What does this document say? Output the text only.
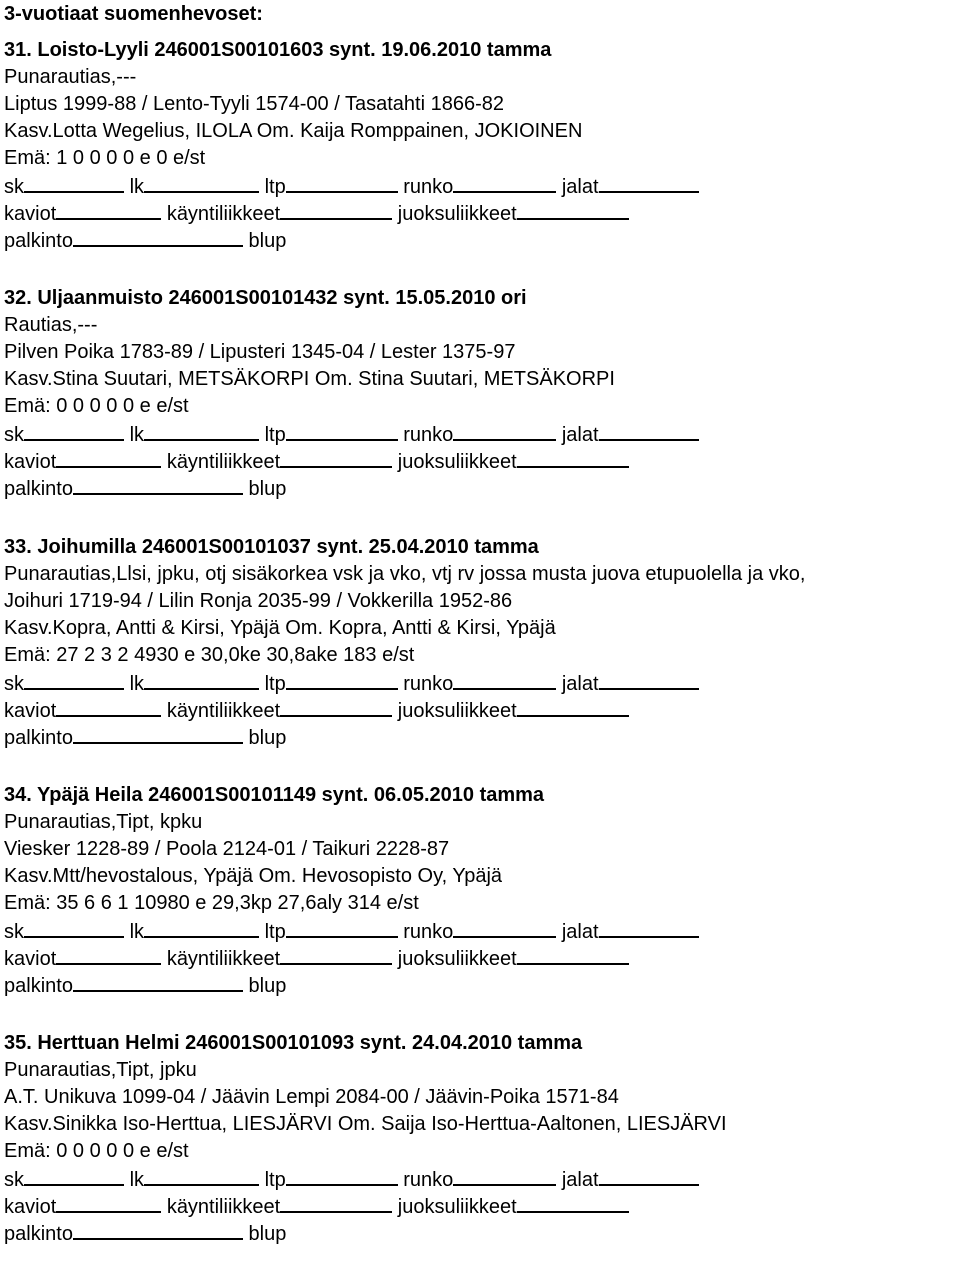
3-vuotiaat suomenhevoset:
31. Loisto-Lyyli 246001S00101603 synt. 19.06.2010 tamma
Punarautias,---
Liptus 1999-88 / Lento-Tyyli 1574-00 / Tasatahti 1866-82
Kasv.Lotta Wegelius, ILOLA Om. Kaija Romppainen, JOKIOINEN
Emä: 1 0 0 0 0 e 0 e/st
sk	lk	ltp	runko	jalat
kaviot	käyntiliikkeet	juoksuliikkeet
palkinto	blup
32. Uljaanmuisto 246001S00101432 synt. 15.05.2010 ori
Rautias,---
Pilven Poika 1783-89 / Lipusteri 1345-04 / Lester 1375-97
Kasv.Stina Suutari, METSÄKORPI Om. Stina Suutari, METSÄKORPI
Emä: 0 0 0 0 0 e e/st
sk	lk	ltp	runko	jalat
kaviot	käyntiliikkeet	juoksuliikkeet
palkinto	blup
33. Joihumilla 246001S00101037 synt. 25.04.2010 tamma
Punarautias,Llsi, jpku, otj sisäkorkea vsk ja vko, vtj rv jossa musta juova etupuolella ja vko,
Joihuri 1719-94 / Lilin Ronja 2035-99 / Vokkerilla 1952-86
Kasv.Kopra, Antti & Kirsi, Ypäjä Om. Kopra, Antti & Kirsi, Ypäjä
Emä: 27 2 3 2 4930 e 30,0ke 30,8ake 183 e/st
sk	lk	ltp	runko	jalat
kaviot	käyntiliikkeet	juoksuliikkeet
palkinto	blup
34. Ypäjä Heila 246001S00101149 synt. 06.05.2010 tamma
Punarautias,Tipt, kpku
Viesker 1228-89 / Poola 2124-01 / Taikuri 2228-87
Kasv.Mtt/hevostalous, Ypäjä Om. Hevosopisto Oy, Ypäjä
Emä: 35 6 6 1 10980 e 29,3kp 27,6aly 314 e/st
sk	lk	ltp	runko	jalat
kaviot	käyntiliikkeet	juoksuliikkeet
palkinto	blup
35. Herttuan Helmi 246001S00101093 synt. 24.04.2010 tamma
Punarautias,Tipt, jpku
A.T. Unikuva 1099-04 / Jäävin Lempi 2084-00 / Jäävin-Poika 1571-84
Kasv.Sinikka Iso-Herttua, LIESJÄRVI Om. Saija Iso-Herttua-Aaltonen, LIESJÄRVI
Emä: 0 0 0 0 0 e e/st
sk	lk	ltp	runko	jalat
kaviot	käyntiliikkeet	juoksuliikkeet
palkinto	blup
